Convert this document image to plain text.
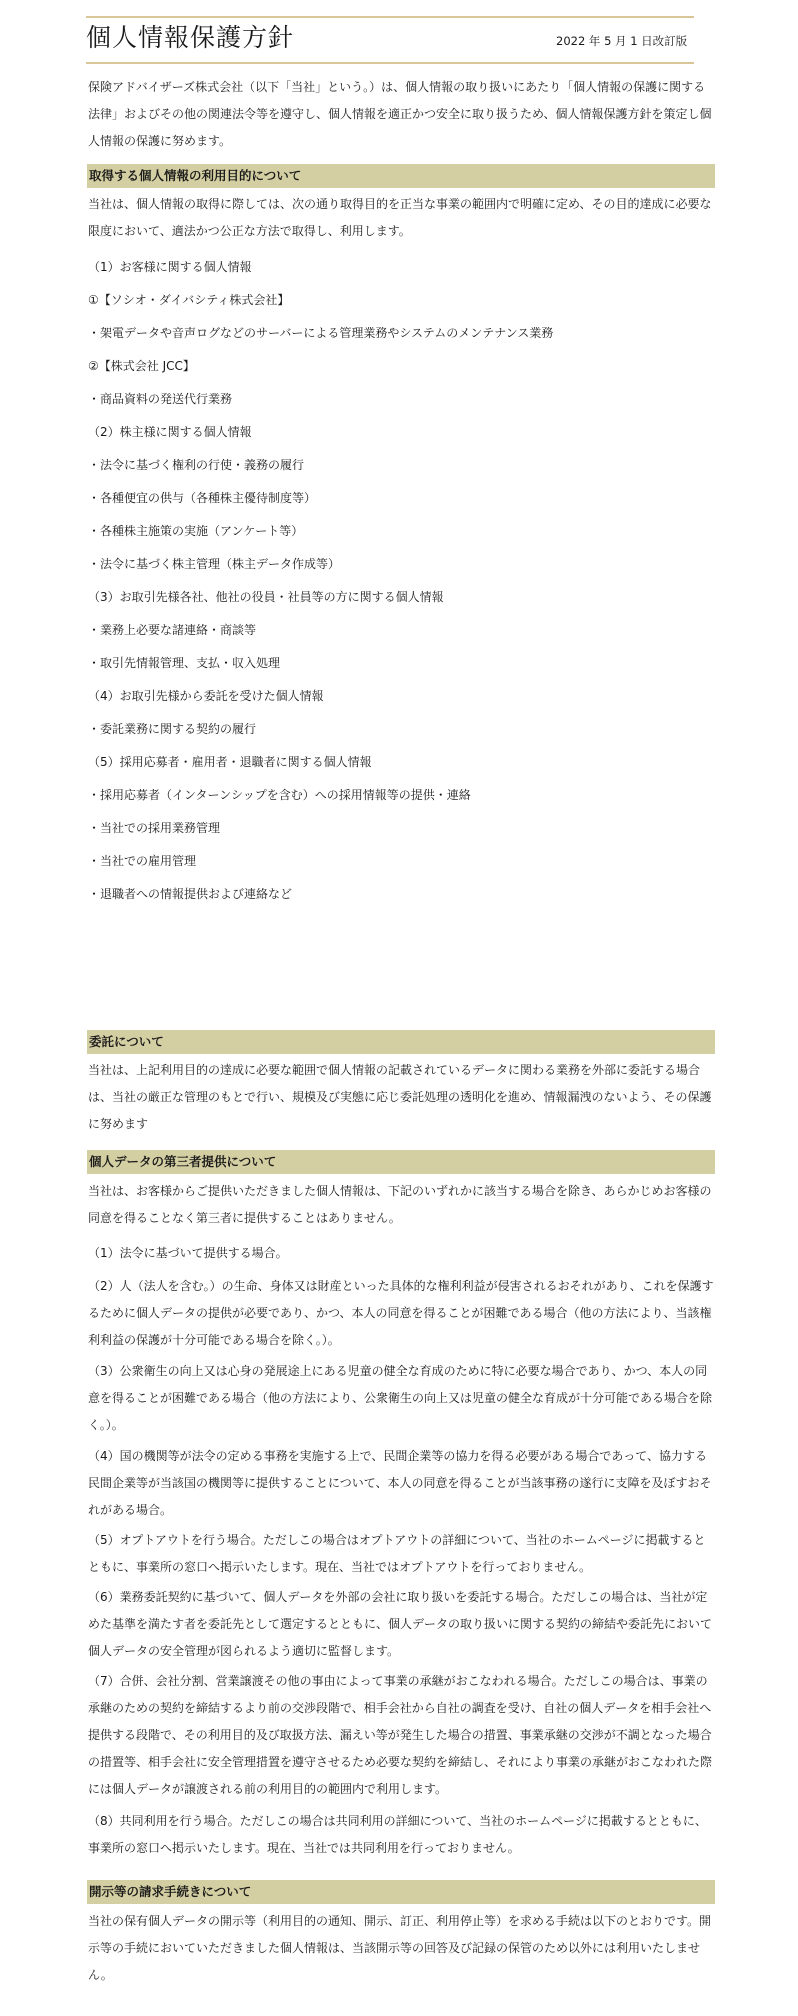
個人情報保護方針	2022 年 5 月 1 日改訂版

保険アドバイザーズ株式会社（以下「当社」という。）は、個人情報の取り扱いにあたり「個人情報の保護に関する法律」およびその他の関連法令等を遵守し、個人情報を適正かつ安全に取り扱うため、個人情報保護方針を策定し個人情報の保護に努めます。

取得する個人情報の利用目的について

当社は、個人情報の取得に際しては、次の通り取得目的を正当な事業の範囲内で明確に定め、その目的達成に必要な限度において、適法かつ公正な方法で取得し、利用します。

（1）お客様に関する個人情報
①【ソシオ・ダイバシティ株式会社】
・架電データや音声ログなどのサーバーによる管理業務やシステムのメンテナンス業務
②【株式会社 JCC】
・商品資料の発送代行業務
（2）株主様に関する個人情報
・法令に基づく権利の行使・義務の履行
・各種便宜の供与（各種株主優待制度等）
・各種株主施策の実施（アンケート等）
・法令に基づく株主管理（株主データ作成等）
（3）お取引先様各社、他社の役員・社員等の方に関する個人情報
・業務上必要な諸連絡・商談等
・取引先情報管理、支払・収入処理
（4）お取引先様から委託を受けた個人情報
・委託業務に関する契約の履行
（5）採用応募者・雇用者・退職者に関する個人情報
・採用応募者（インターンシップを含む）への採用情報等の提供・連絡
・当社での採用業務管理
・当社での雇用管理
・退職者への情報提供および連絡など
委託について

当社は、上記利用目的の達成に必要な範囲で個人情報の記載されているデータに関わる業務を外部に委託する場合は、当社の厳正な管理のもとで行い、規模及び実態に応じ委託処理の透明化を進め、情報漏洩のないよう、その保護に努めます

個人データの第三者提供について

当社は、お客様からご提供いただきました個人情報は、下記のいずれかに該当する場合を除き、あらかじめお客様の同意を得ることなく第三者に提供することはありません。

（1）法令に基づいて提供する場合。

（2）人（法人を含む。）の生命、身体又は財産といった具体的な権利利益が侵害されるおそれがあり、これを保護するために個人データの提供が必要であり、かつ、本人の同意を得ることが困難である場合（他の方法により、当該権利利益の保護が十分可能である場合を除く。）。

（3）公衆衛生の向上又は心身の発展途上にある児童の健全な育成のために特に必要な場合であり、かつ、本人の同意を得ることが困難である場合（他の方法により、公衆衛生の向上又は児童の健全な育成が十分可能である場合を除く。）。

（4）国の機関等が法令の定める事務を実施する上で、民間企業等の協力を得る必要がある場合であって、協力する民間企業等が当該国の機関等に提供することについて、本人の同意を得ることが当該事務の遂行に支障を及ぼすおそれがある場合。

（5）オプトアウトを行う場合。ただしこの場合はオプトアウトの詳細について、当社のホームページに掲載するとともに、事業所の窓口へ掲示いたします。現在、当社ではオプトアウトを行っておりません。

（6）業務委託契約に基づいて、個人データを外部の会社に取り扱いを委託する場合。ただしこの場合は、当社が定めた基準を満たす者を委託先として選定するとともに、個人データの取り扱いに関する契約の締結や委託先において個人データの安全管理が図られるよう適切に監督します。

（7）合併、会社分割、営業譲渡その他の事由によって事業の承継がおこなわれる場合。ただしこの場合は、事業の承継のための契約を締結するより前の交渉段階で、相手会社から自社の調査を受け、自社の個人データを相手会社へ提供する段階で、その利用目的及び取扱方法、漏えい等が発生した場合の措置、事業承継の交渉が不調となった場合の措置等、相手会社に安全管理措置を遵守させるため必要な契約を締結し、それにより事業の承継がおこなわれた際には個人データが譲渡される前の利用目的の範囲内で利用します。

（8）共同利用を行う場合。ただしこの場合は共同利用の詳細について、当社のホームページに掲載するとともに、事業所の窓口へ掲示いたします。現在、当社では共同利用を行っておりません。

開示等の請求手続きについて

当社の保有個人データの開示等（利用目的の通知、開示、訂正、利用停止等）を求める手続は以下のとおりです。開示等の手続においていただきました個人情報は、当該開示等の回答及び記録の保管のため以外には利用いたしません。
